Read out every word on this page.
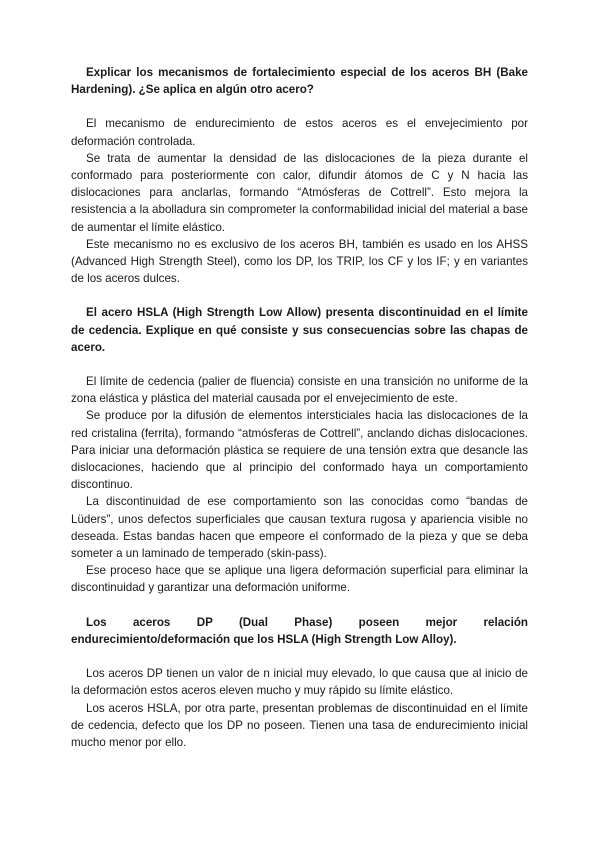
Explicar los mecanismos de fortalecimiento especial de los aceros BH (Bake Hardening). ¿Se aplica en algún otro acero?

El mecanismo de endurecimiento de estos aceros es el envejecimiento por deformación controlada.

Se trata de aumentar la densidad de las dislocaciones de la pieza durante el conformado para posteriormente con calor, difundir átomos de C y N hacia las dislocaciones para anclarlas, formando “Atmósferas de Cottrell”. Esto mejora la resistencia a la abolladura sin comprometer la conformabilidad inicial del material a base de aumentar el límite elástico.

Este mecanismo no es exclusivo de los aceros BH, también es usado en los AHSS (Advanced High Strength Steel), como los DP, los TRIP, los CF y los IF; y en variantes de los aceros dulces.

El acero HSLA (High Strength Low Allow) presenta discontinuidad en el límite de cedencia. Explique en qué consiste y sus consecuencias sobre las chapas de acero.

El límite de cedencia (palier de fluencia) consiste en una transición no uniforme de la zona elástica y plástica del material causada por el envejecimiento de este.

Se produce por la difusión de elementos intersticiales hacia las dislocaciones de la red cristalina (ferrita), formando “atmósferas de Cottrell”, anclando dichas dislocaciones. Para iniciar una deformación plástica se requiere de una tensión extra que desancle las dislocaciones, haciendo que al principio del conformado haya un comportamiento discontinuo.

La discontinuidad de ese comportamiento son las conocidas como “bandas de Lüders”, unos defectos superficiales que causan textura rugosa y apariencia visible no deseada. Estas bandas hacen que empeore el conformado de la pieza y que se deba someter a un laminado de temperado (skin-pass).

Ese proceso hace que se aplique una ligera deformación superficial para eliminar la discontinuidad y garantizar una deformación uniforme.

Los aceros DP (Dual Phase) poseen mejor relación endurecimiento/deformación que los HSLA (High Strength Low Alloy).

Los aceros DP tienen un valor de n inicial muy elevado, lo que causa que al inicio de la deformación estos aceros eleven mucho y muy rápido su límite elástico.

Los aceros HSLA, por otra parte, presentan problemas de discontinuidad en el límite de cedencia, defecto que los DP no poseen. Tienen una tasa de endurecimiento inicial mucho menor por ello.
